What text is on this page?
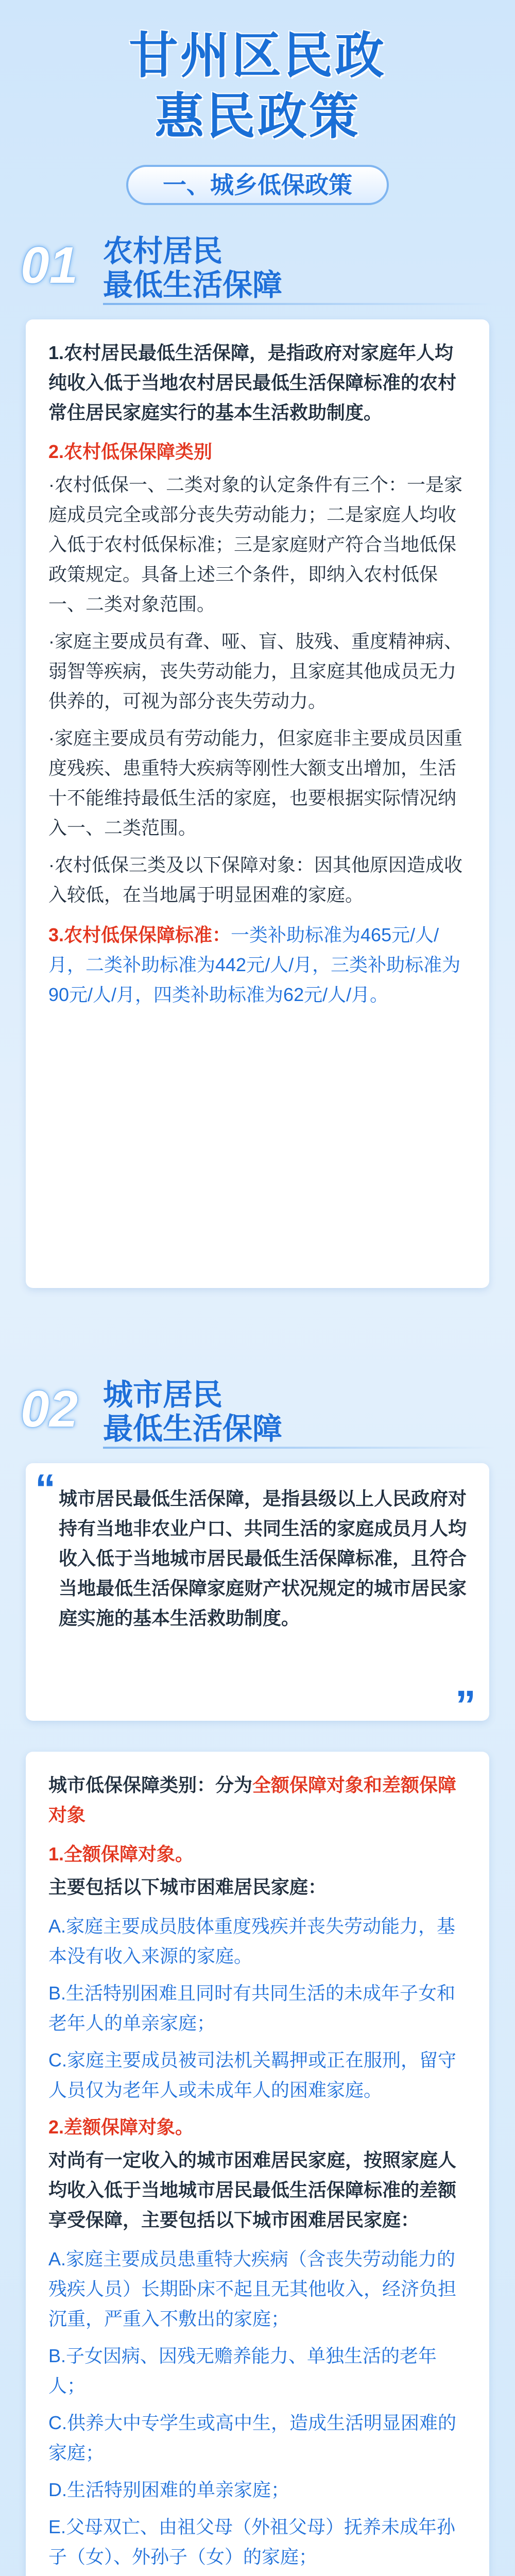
甘州区民政
惠民政策
一、城乡低保政策
01 农村居民
最低生活保障

1.农村居民最低生活保障，是指政府对家庭年人均纯收入低于当地农村居民最低生活保障标准的农村常住居民家庭实行的基本生活救助制度。

2.农村低保保障类别

·农村低保一、二类对象的认定条件有三个：一是家庭成员完全或部分丧失劳动能力；二是家庭人均收入低于农村低保标准；三是家庭财产符合当地低保政策规定。具备上述三个条件，即纳入农村低保一、二类对象范围。

·家庭主要成员有聋、哑、盲、肢残、重度精神病、弱智等疾病，丧失劳动能力，且家庭其他成员无力供养的，可视为部分丧失劳动力。

·家庭主要成员有劳动能力，但家庭非主要成员因重度残疾、患重特大疾病等刚性大额支出增加，生活十不能维持最低生活的家庭，也要根据实际情况纳入一、二类范围。

·农村低保三类及以下保障对象：因其他原因造成收入较低，在当地属于明显困难的家庭。

3.农村低保保障标准：一类补助标准为465元/人/月，二类补助标准为442元/人/月，三类补助标准为90元/人/月，四类补助标准为62元/人/月。

02 城市居民
最低生活保障
“ 城市居民最低生活保障，是指县级以上人民政府对持有当地非农业户口、共同生活的家庭成员月人均收入低于当地城市居民最低生活保障标准，且符合当地最低生活保障家庭财产状况规定的城市居民家庭实施的基本生活救助制度。

”

城市低保保障类别：分为全额保障对象和差额保障对象

1.全额保障对象。

主要包括以下城市困难居民家庭：

A.家庭主要成员肢体重度残疾并丧失劳动能力，基本没有收入来源的家庭。

B.生活特别困难且同时有共同生活的未成年子女和老年人的单亲家庭；

C.家庭主要成员被司法机关羁押或正在服刑，留守人员仅为老年人或未成年人的困难家庭。

2.差额保障对象。

对尚有一定收入的城市困难居民家庭，按照家庭人均收入低于当地城市居民最低生活保障标准的差额享受保障，主要包括以下城市困难居民家庭：

A.家庭主要成员患重特大疾病（含丧失劳动能力的残疾人员）长期卧床不起且无其他收入，经济负担沉重，严重入不敷出的家庭；

B.子女因病、因残无赡养能力、单独生活的老年人；

C.供养大中专学生或高中生，造成生活明显困难的家庭；

D.生活特别困难的单亲家庭；

E.父母双亡、由祖父母（外祖父母）抚养未成年孙子（女）、外孙子（女）的家庭；
